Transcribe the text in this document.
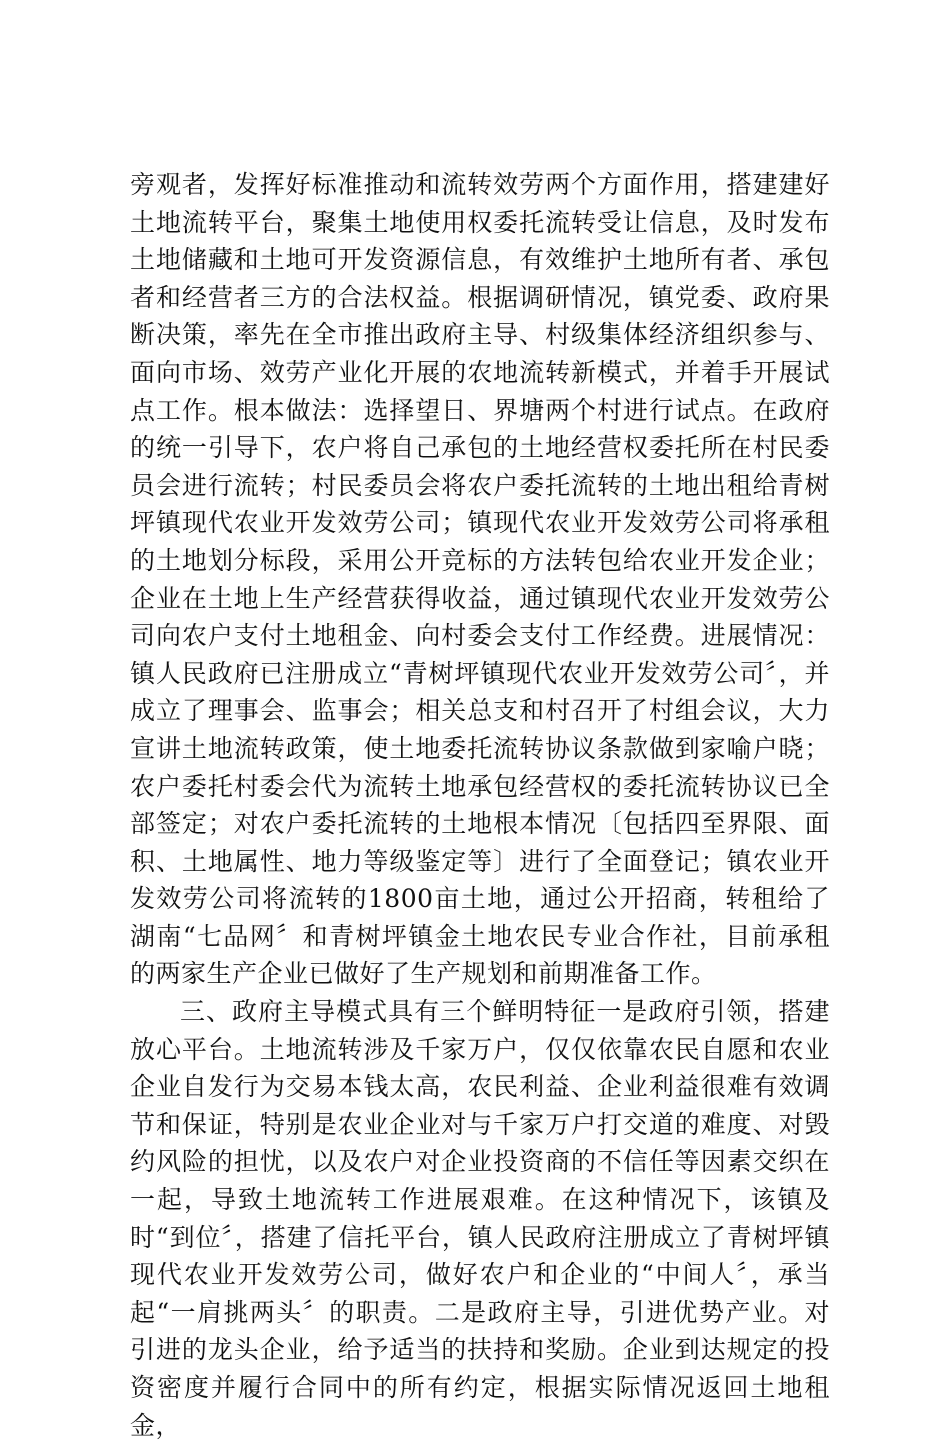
旁观者，发挥好标准推动和流转效劳两个方面作用，搭建建好土地流转平台，聚集土地使用权委托流转受让信息，及时发布土地储藏和土地可开发资源信息，有效维护土地所有者、承包者和经营者三方的合法权益。根据调研情况，镇党委、政府果断决策，率先在全市推出政府主导、村级集体经济组织参与、面向市场、效劳产业化开展的农地流转新模式，并着手开展试点工作。根本做法：选择望日、界塘两个村进行试点。在政府的统一引导下，农户将自己承包的土地经营权委托所在村民委员会进行流转；村民委员会将农户委托流转的土地出租给青树坪镇现代农业开发效劳公司；镇现代农业开发效劳公司将承租的土地划分标段，采用公开竞标的方法转包给农业开发企业；企业在土地上生产经营获得收益，通过镇现代农业开发效劳公司向农户支付土地租金、向村委会支付工作经费。进展情况：镇人民政府已注册成立“青树坪镇现代农业开发效劳公司〞，并成立了理事会、监事会；相关总支和村召开了村组会议，大力宣讲土地流转政策，使土地委托流转协议条款做到家喻户晓；农户委托村委会代为流转土地承包经营权的委托流转协议已全部签定；对农户委托流转的土地根本情况〔包括四至界限、面积、土地属性、地力等级鉴定等〕进行了全面登记；镇农业开发效劳公司将流转的1800亩土地，通过公开招商，转租给了湖南“七品网〞和青树坪镇金土地农民专业合作社，目前承租的两家生产企业已做好了生产规划和前期准备工作。

三、政府主导模式具有三个鲜明特征一是政府引领，搭建放心平台。土地流转涉及千家万户，仅仅依靠农民自愿和农业企业自发行为交易本钱太高，农民利益、企业利益很难有效调节和保证，特别是农业企业对与千家万户打交道的难度、对毁约风险的担忧，以及农户对企业投资商的不信任等因素交织在一起，导致土地流转工作进展艰难。在这种情况下，该镇及时“到位〞，搭建了信托平台，镇人民政府注册成立了青树坪镇现代农业开发效劳公司，做好农户和企业的“中间人〞，承当起“一肩挑两头〞的职责。二是政府主导，引进优势产业。对引进的龙头企业，给予适当的扶持和奖励。企业到达规定的投资密度并履行合同中的所有约定，根据实际情况返回土地租金，
